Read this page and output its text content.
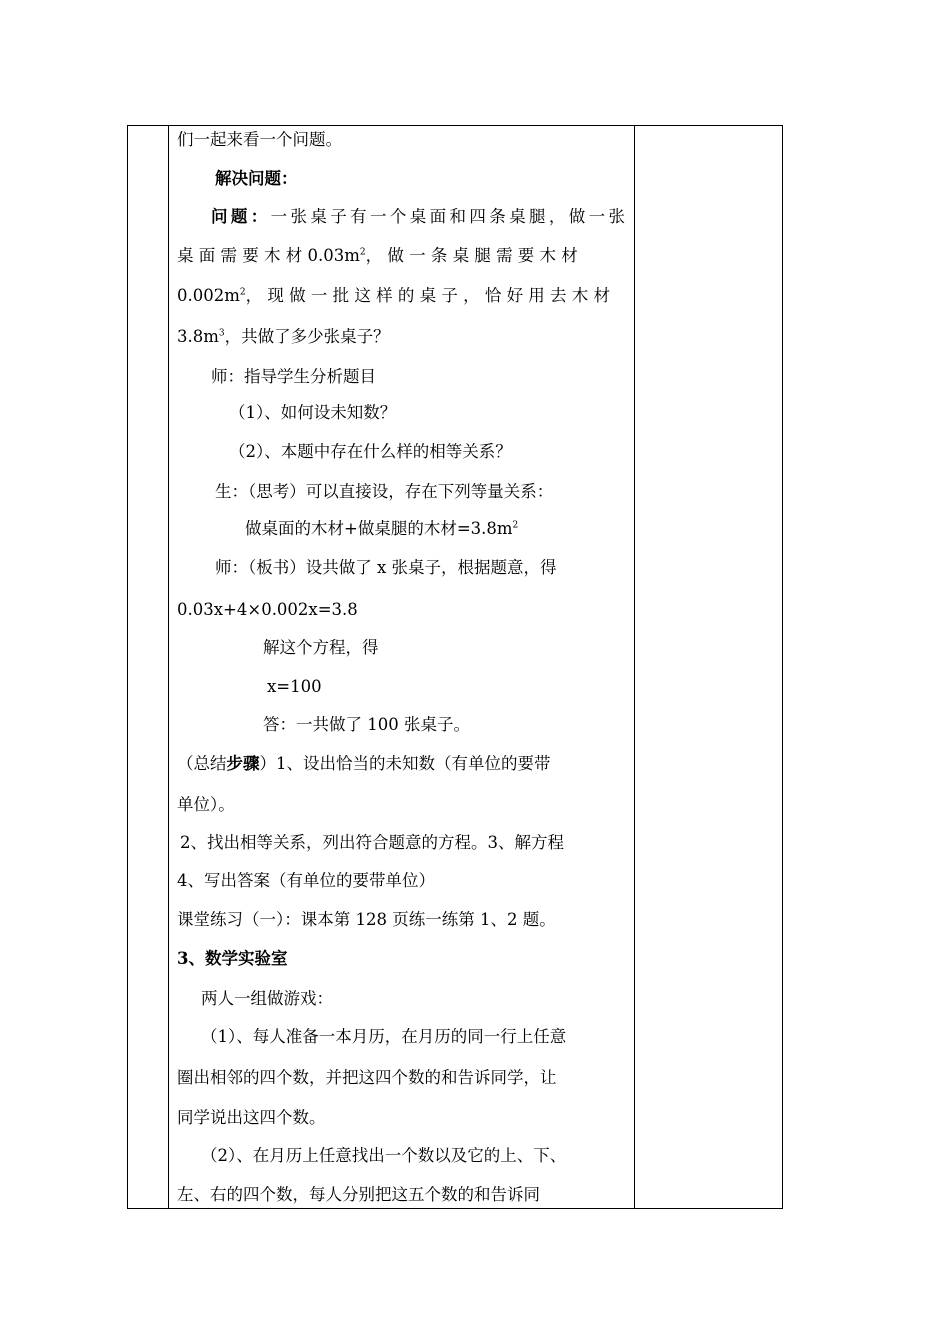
们一起来看一个问题。
解决问题：
问题：一张桌子有一个桌面和四条桌腿，做一张
桌 面 需 要 木 材 $0.03m^2$， 做 一 条 桌 腿 需 要 木 材
$0.002m^2$， 现 做 一 批 这 样 的 桌 子 ， 恰 好 用 去 木 材
$3.8m^3$，共做了多少张桌子？
师：指导学生分析题目
（1）、如何设未知数？
（2）、本题中存在什么样的相等关系？
生：（思考）可以直接设，存在下列等量关系：
做桌面的木材+做桌腿的木材$=3.8m^2$
师：（板书）设共做了 x 张桌子，根据题意，得
0.03x+4×0.002x=3.8
解这个方程，得
x=100
答：一共做了 100 张桌子。
（总结步骤）1、设出恰当的未知数（有单位的要带
单位）。
2、找出相等关系，列出符合题意的方程。3、解方程
4、写出答案（有单位的要带单位）
课堂练习（一）：课本第 128 页练一练第 1、2 题。
3、数学实验室
两人一组做游戏：
（1）、每人准备一本月历，在月历的同一行上任意
圈出相邻的四个数，并把这四个数的和告诉同学，让
同学说出这四个数。
（2）、在月历上任意找出一个数以及它的上、下、
左、右的四个数，每人分别把这五个数的和告诉同
